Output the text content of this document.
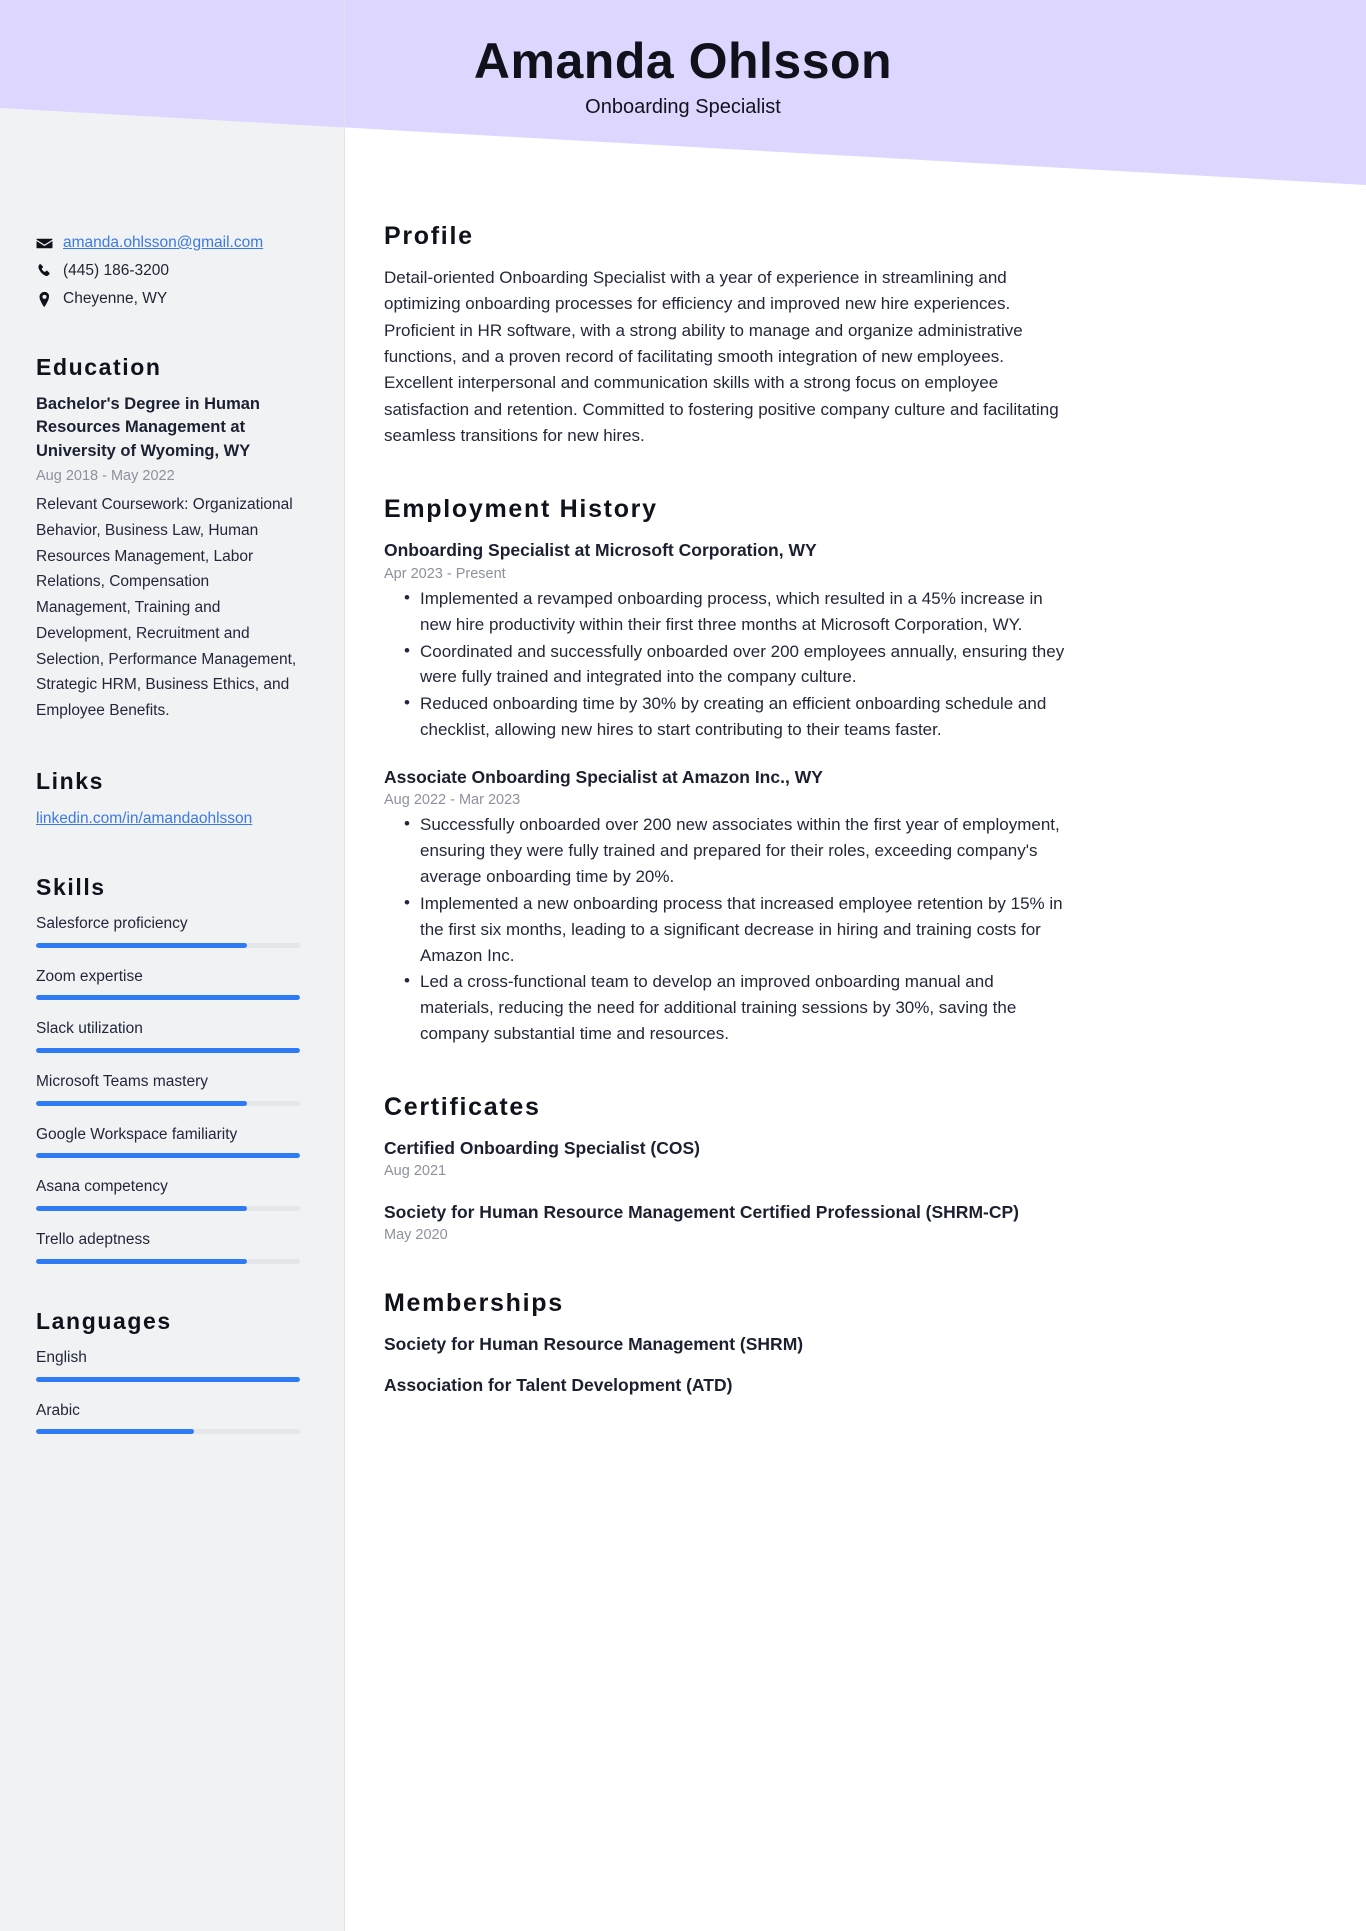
Amanda Ohlsson
Onboarding Specialist
amanda.ohlsson@gmail.com
(445) 186-3200
Cheyenne, WY
Education
Bachelor's Degree in Human Resources Management at University of Wyoming, WY
Aug 2018 - May 2022
Relevant Coursework: Organizational Behavior, Business Law, Human Resources Management, Labor Relations, Compensation Management, Training and Development, Recruitment and Selection, Performance Management, Strategic HRM, Business Ethics, and Employee Benefits.
Links
linkedin.com/in/amandaohlsson
Skills
Salesforce proficiency
Zoom expertise
Slack utilization
Microsoft Teams mastery
Google Workspace familiarity
Asana competency
Trello adeptness
Languages
English
Arabic
Profile
Detail-oriented Onboarding Specialist with a year of experience in streamlining and optimizing onboarding processes for efficiency and improved new hire experiences. Proficient in HR software, with a strong ability to manage and organize administrative functions, and a proven record of facilitating smooth integration of new employees. Excellent interpersonal and communication skills with a strong focus on employee satisfaction and retention. Committed to fostering positive company culture and facilitating seamless transitions for new hires.
Employment History
Onboarding Specialist at Microsoft Corporation, WY
Apr 2023 - Present
• Implemented a revamped onboarding process, which resulted in a 45% increase in new hire productivity within their first three months at Microsoft Corporation, WY.
• Coordinated and successfully onboarded over 200 employees annually, ensuring they were fully trained and integrated into the company culture.
• Reduced onboarding time by 30% by creating an efficient onboarding schedule and checklist, allowing new hires to start contributing to their teams faster.
Associate Onboarding Specialist at Amazon Inc., WY
Aug 2022 - Mar 2023
• Successfully onboarded over 200 new associates within the first year of employment, ensuring they were fully trained and prepared for their roles, exceeding company's average onboarding time by 20%.
• Implemented a new onboarding process that increased employee retention by 15% in the first six months, leading to a significant decrease in hiring and training costs for Amazon Inc.
• Led a cross-functional team to develop an improved onboarding manual and materials, reducing the need for additional training sessions by 30%, saving the company substantial time and resources.
Certificates
Certified Onboarding Specialist (COS)
Aug 2021
Society for Human Resource Management Certified Professional (SHRM-CP)
May 2020
Memberships
Society for Human Resource Management (SHRM)
Association for Talent Development (ATD)
